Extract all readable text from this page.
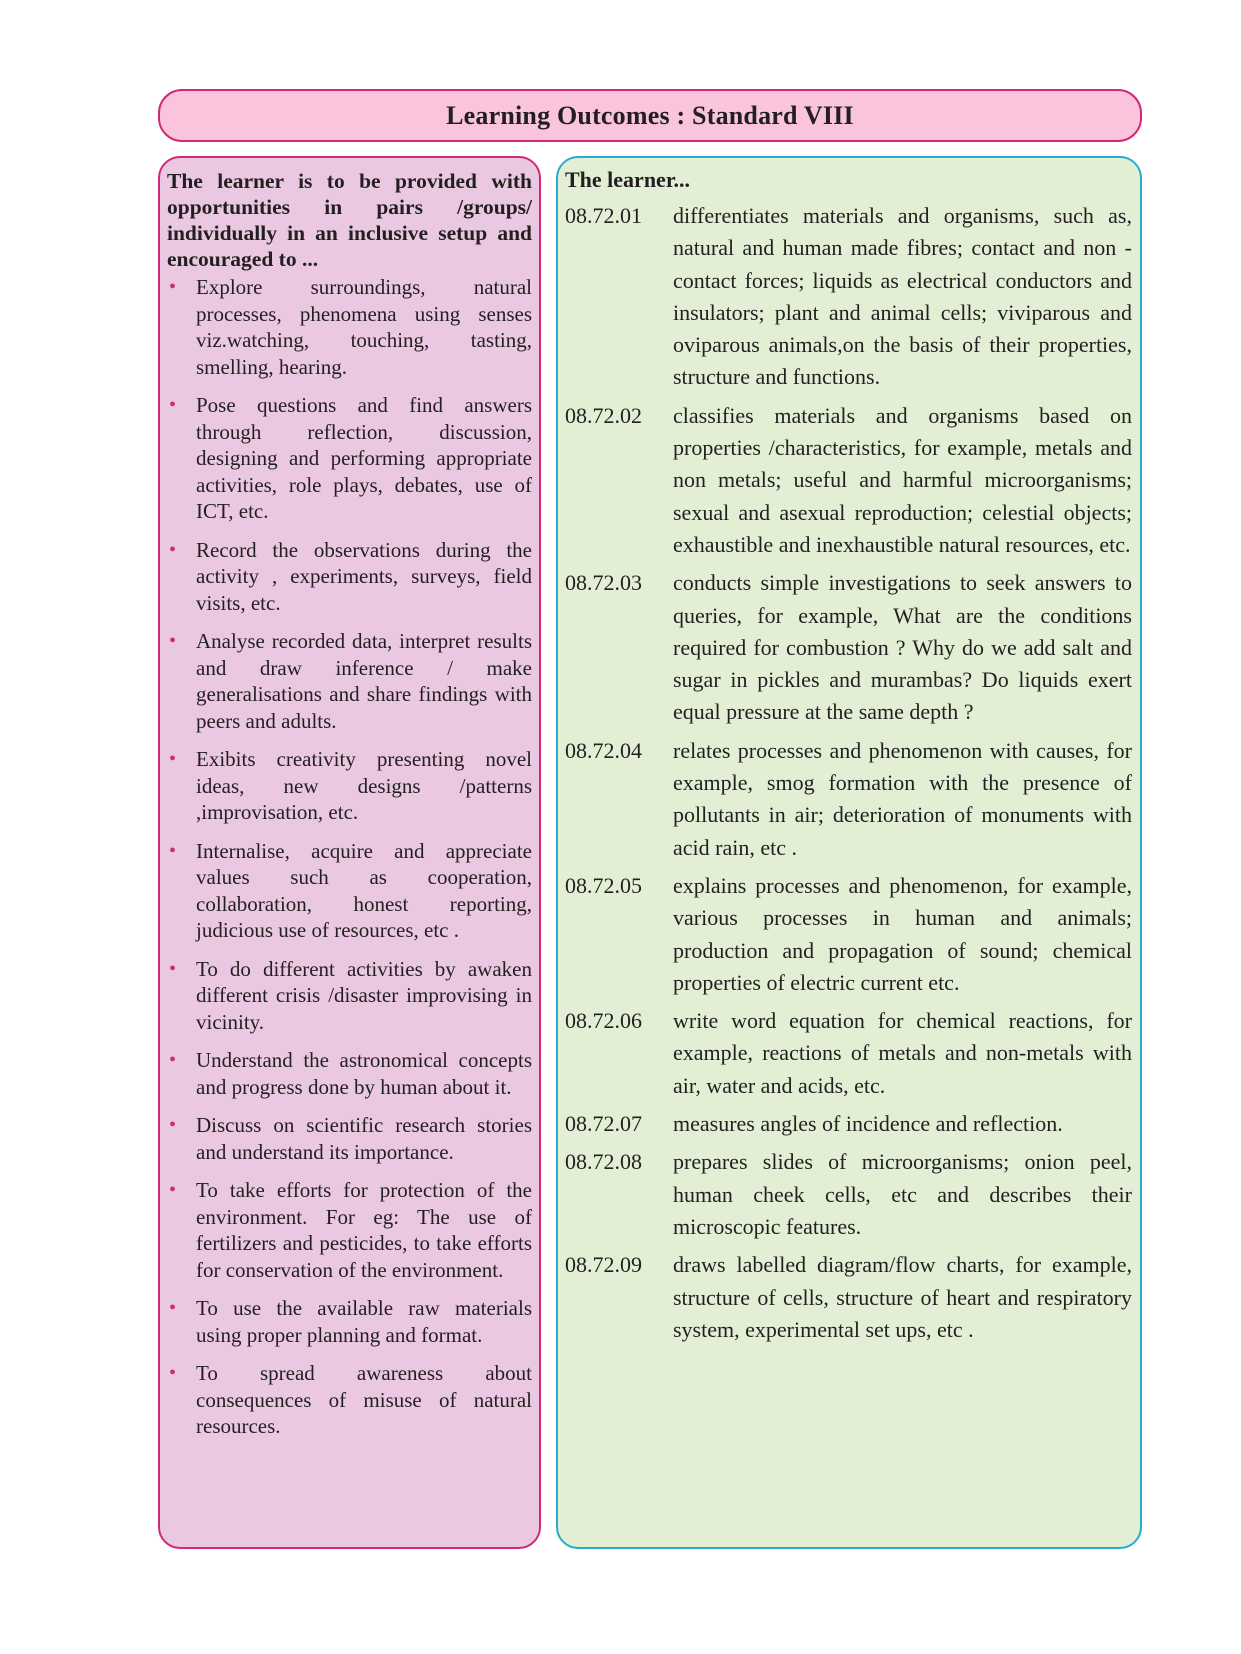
Learning Outcomes : Standard VIII

The learner is to be provided with opportunities in pairs /groups/ individually in an inclusive setup and encouraged to ...

• Explore surroundings, natural processes, phenomena using senses viz.watching, touching, tasting, smelling, hearing.
• Pose questions and find answers through reflection, discussion, designing and performing appropriate activities, role plays, debates, use of ICT, etc.
• Record the observations during the activity , experiments, surveys, field visits, etc.
• Analyse recorded data, interpret results and draw inference / make generalisations and share findings with peers and adults.
• Exibits creativity presenting novel ideas, new designs /patterns ,improvisation, etc.
• Internalise, acquire and appreciate values such as cooperation, collaboration, honest reporting, judicious use of resources, etc .
• To do different activities by awaken different crisis /disaster improvising in vicinity.
• Understand the astronomical concepts and progress done by human about it.
• Discuss on scientific research stories and understand its importance.
• To take efforts for protection of the environment. For eg: The use of fertilizers and pesticides, to take efforts for conservation of the environment.
• To use the available raw materials using proper planning and format.
• To spread awareness about consequences of misuse of natural resources.

The learner...

08.72.01	differentiates materials and organisms, such as, natural and human made fibres; contact and non -contact forces; liquids as electrical conductors and insulators; plant and animal cells; viviparous and oviparous animals,on the basis of their properties, structure and functions.
08.72.02	classifies materials and organisms based on properties /characteristics, for example, metals and non metals; useful and harmful microorganisms; sexual and asexual reproduction; celestial objects; exhaustible and inexhaustible natural resources, etc.
08.72.03	conducts simple investigations to seek answers to queries, for example, What are the conditions required for combustion ? Why do we add salt and sugar in pickles and murambas? Do liquids exert equal pressure at the same depth ?
08.72.04	relates processes and phenomenon with causes, for example, smog formation with the presence of pollutants in air; deterioration of monuments with acid rain, etc .
08.72.05	explains processes and phenomenon, for example, various processes in human and animals; production and propagation of sound; chemical properties of electric current etc.
08.72.06	write word equation for chemical reactions, for example, reactions of metals and non-metals with air, water and acids, etc.
08.72.07	measures angles of incidence and reflection.
08.72.08	prepares slides of microorganisms; onion peel, human cheek cells, etc and describes their microscopic features.
08.72.09	draws labelled diagram/flow charts, for example, structure of cells, structure of heart and respiratory system, experimental set ups, etc .
